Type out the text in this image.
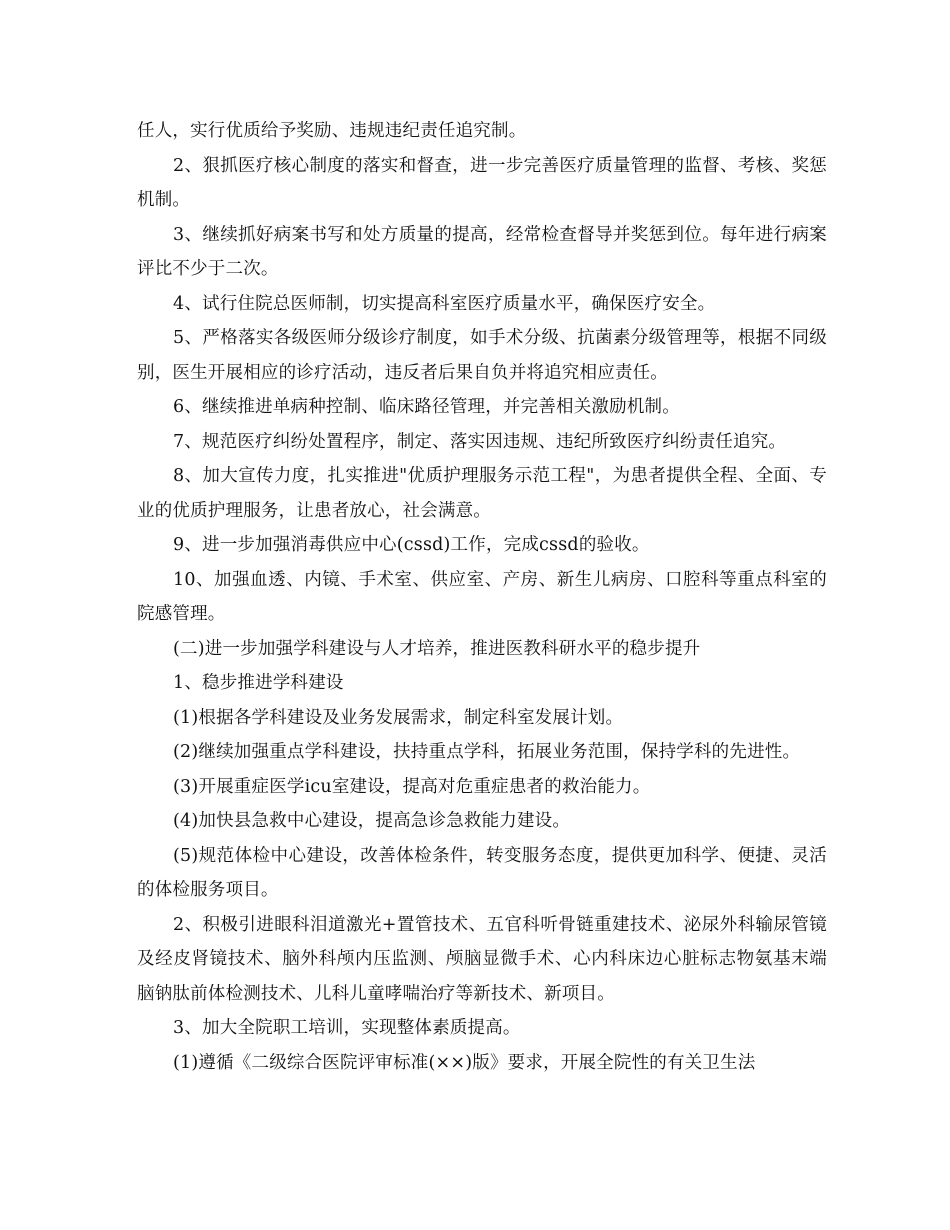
任人，实行优质给予奖励、违规违纪责任追究制。

2、狠抓医疗核心制度的落实和督查，进一步完善医疗质量管理的监督、考核、奖惩机制。

3、继续抓好病案书写和处方质量的提高，经常检查督导并奖惩到位。每年进行病案评比不少于二次。

4、试行住院总医师制，切实提高科室医疗质量水平，确保医疗安全。

5、严格落实各级医师分级诊疗制度，如手术分级、抗菌素分级管理等，根据不同级别，医生开展相应的诊疗活动，违反者后果自负并将追究相应责任。

6、继续推进单病种控制、临床路径管理，并完善相关激励机制。

7、规范医疗纠纷处置程序，制定、落实因违规、违纪所致医疗纠纷责任追究。

8、加大宣传力度，扎实推进"优质护理服务示范工程"，为患者提供全程、全面、专业的优质护理服务，让患者放心，社会满意。

9、进一步加强消毒供应中心(cssd)工作，完成cssd的验收。

10、加强血透、内镜、手术室、供应室、产房、新生儿病房、口腔科等重点科室的院感管理。

(二)进一步加强学科建设与人才培养，推进医教科研水平的稳步提升

1、稳步推进学科建设

(1)根据各学科建设及业务发展需求，制定科室发展计划。

(2)继续加强重点学科建设，扶持重点学科，拓展业务范围，保持学科的先进性。

(3)开展重症医学icu室建设，提高对危重症患者的救治能力。

(4)加快县急救中心建设，提高急诊急救能力建设。

(5)规范体检中心建设，改善体检条件，转变服务态度，提供更加科学、便捷、灵活的体检服务项目。

2、积极引进眼科泪道激光+置管技术、五官科听骨链重建技术、泌尿外科输尿管镜及经皮肾镜技术、脑外科颅内压监测、颅脑显微手术、心内科床边心脏标志物氨基末端脑钠肽前体检测技术、儿科儿童哮喘治疗等新技术、新项目。

3、加大全院职工培训，实现整体素质提高。

(1)遵循《二级综合医院评审标准(××)版》要求，开展全院性的有关卫生法
